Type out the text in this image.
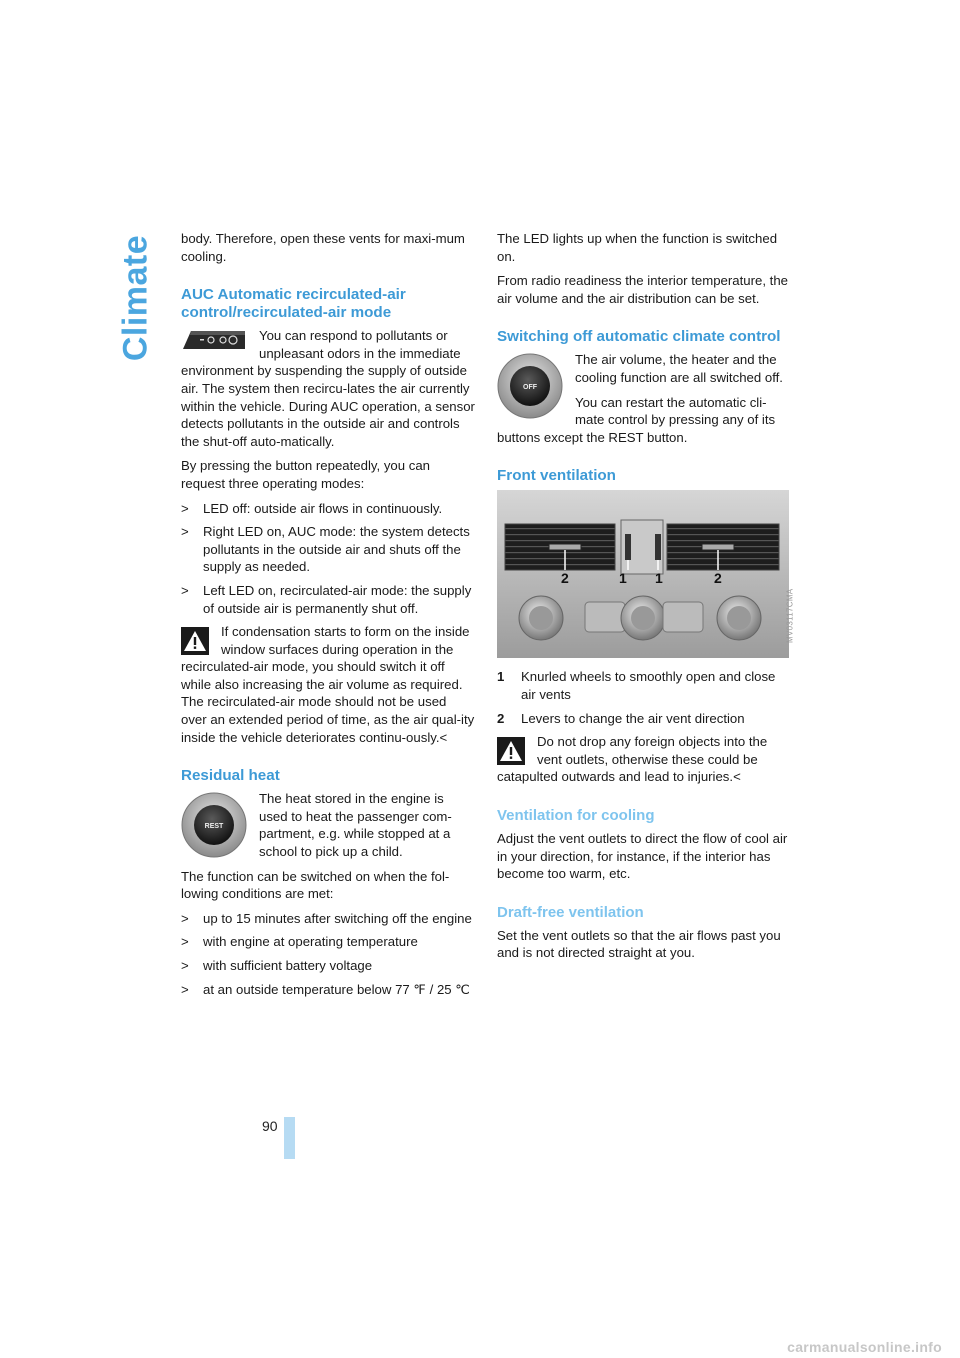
Climate
90

body. Therefore, open these vents for maxi-mum cooling.

AUC Automatic recirculated-air control/recirculated-air mode

You can respond to pollutants or unpleasant odors in the immediate environment by suspending the supply of outside air. The system then recircu-lates the air currently within the vehicle. During AUC operation, a sensor detects pollutants in the outside air and controls the shut-off auto-matically.

By pressing the button repeatedly, you can request three operating modes:

>	LED off: outside air flows in continuously.
>	Right LED on, AUC mode: the system detects pollutants in the outside air and shuts off the supply as needed.
>	Left LED on, recirculated-air mode: the supply of outside air is permanently shut off.

If condensation starts to form on the inside window surfaces during operation in the recirculated-air mode, you should switch it off while also increasing the air volume as required.

The recirculated-air mode should not be used over an extended period of time, as the air qual-ity inside the vehicle deteriorates continu-ously.<

Residual heat
REST

The heat stored in the engine is used to heat the passenger com-partment, e.g. while stopped at a school to pick up a child.

The function can be switched on when the fol-lowing conditions are met:

>	up to 15 minutes after switching off the engine
>	with engine at operating temperature
>	with sufficient battery voltage
>	at an outside temperature below 77 ℉ / 25 ℃

The LED lights up when the function is switched on.

From radio readiness the interior temperature, the air volume and the air distribution can be set.

Switching off automatic climate control
OFF

The air volume, the heater and the cooling function are all switched off.

You can restart the automatic cli-mate control by pressing any of its buttons except the REST button.

Front ventilation
2	1 1	2
MV03117CMA
1	Knurled wheels to smoothly open and close air vents
2	Levers to change the air vent direction

Do not drop any foreign objects into the vent outlets, otherwise these could be catapulted outwards and lead to injuries.<

Ventilation for cooling

Adjust the vent outlets to direct the flow of cool air in your direction, for instance, if the interior has become too warm, etc.

Draft-free ventilation

Set the vent outlets so that the air flows past you and is not directed straight at you.

carmanualsonline.info
